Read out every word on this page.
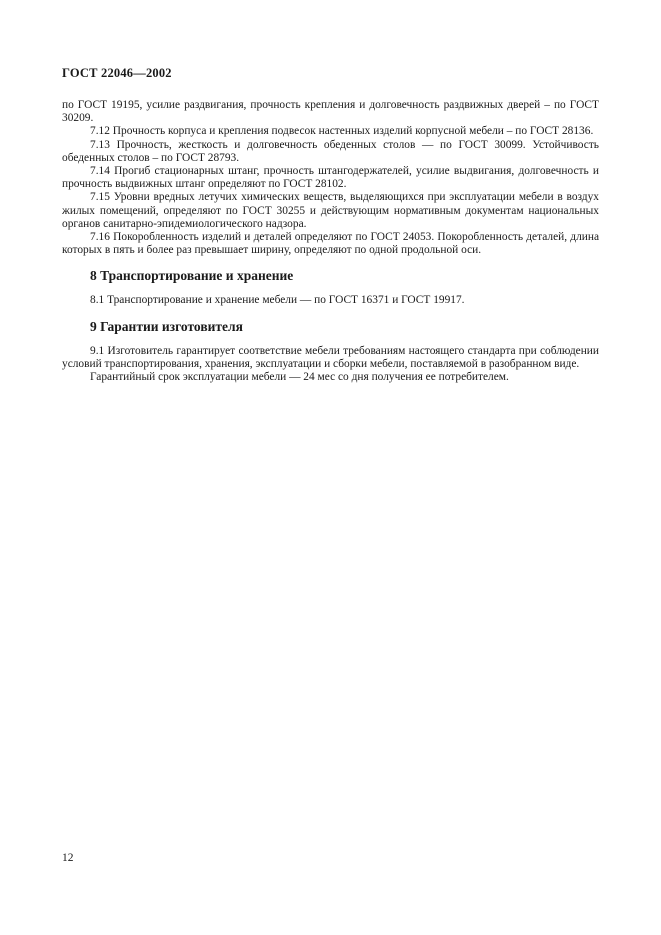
ГОСТ 22046—2002

по ГОСТ 19195, усилие раздвигания, прочность крепления и долговечность раздвижных дверей – по ГОСТ 30209.

7.12 Прочность корпуса и крепления подвесок настенных изделий корпусной мебели – по ГОСТ 28136.

7.13 Прочность, жесткость и долговечность обеденных столов — по ГОСТ 30099. Устойчивость обеденных столов – по ГОСТ 28793.

7.14 Прогиб стационарных штанг, прочность штангодержателей, усилие выдвигания, долговечность и прочность выдвижных штанг определяют по ГОСТ 28102.

7.15 Уровни вредных летучих химических веществ, выделяющихся при эксплуатации мебели в воздух жилых помещений, определяют по ГОСТ 30255 и действующим нормативным документам национальных органов санитарно-эпидемиологического надзора.

7.16 Покоробленность изделий и деталей определяют по ГОСТ 24053. Покоробленность деталей, длина которых в пять и более раз превышает ширину, определяют по одной продольной оси.

8 Транспортирование и хранение

8.1 Транспортирование и хранение мебели — по ГОСТ 16371 и ГОСТ 19917.

9 Гарантии изготовителя

9.1 Изготовитель гарантирует соответствие мебели требованиям настоящего стандарта при соблюдении условий транспортирования, хранения, эксплуатации и сборки мебели, поставляемой в разобранном виде.

Гарантийный срок эксплуатации мебели — 24 мес со дня получения ее потребителем.

12
